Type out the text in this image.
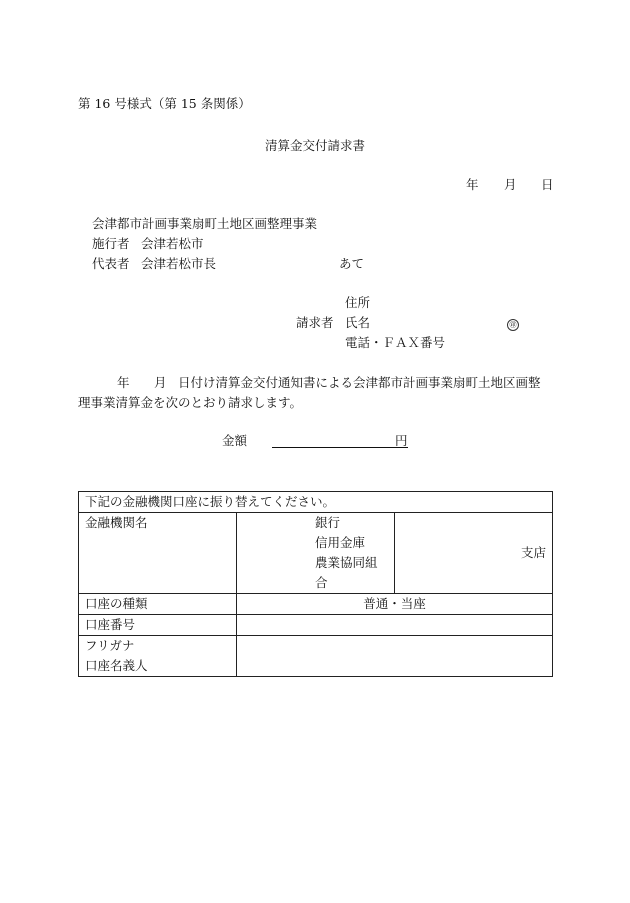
第 16 号様式（第 15 条関係）
清算金交付請求書
年 月 日
会津都市計画事業扇町土地区画整理事業
施行者 会津若松市
代表者 会津若松市長	あて
住所
請求者 氏名	㊞
電話・ＦＡＸ番号
年 月 日付け清算金交付通知書による会津都市計画事業扇町土地区画整
理事業清算金を次のとおり請求します。
金額	円
下記の金融機関口座に振り替えてください。		
金融機関名	銀行
信用金庫
農業協同組合	支店
口座の種類	普通・当座	
口座番号		

フリガナ
口座名義人		
